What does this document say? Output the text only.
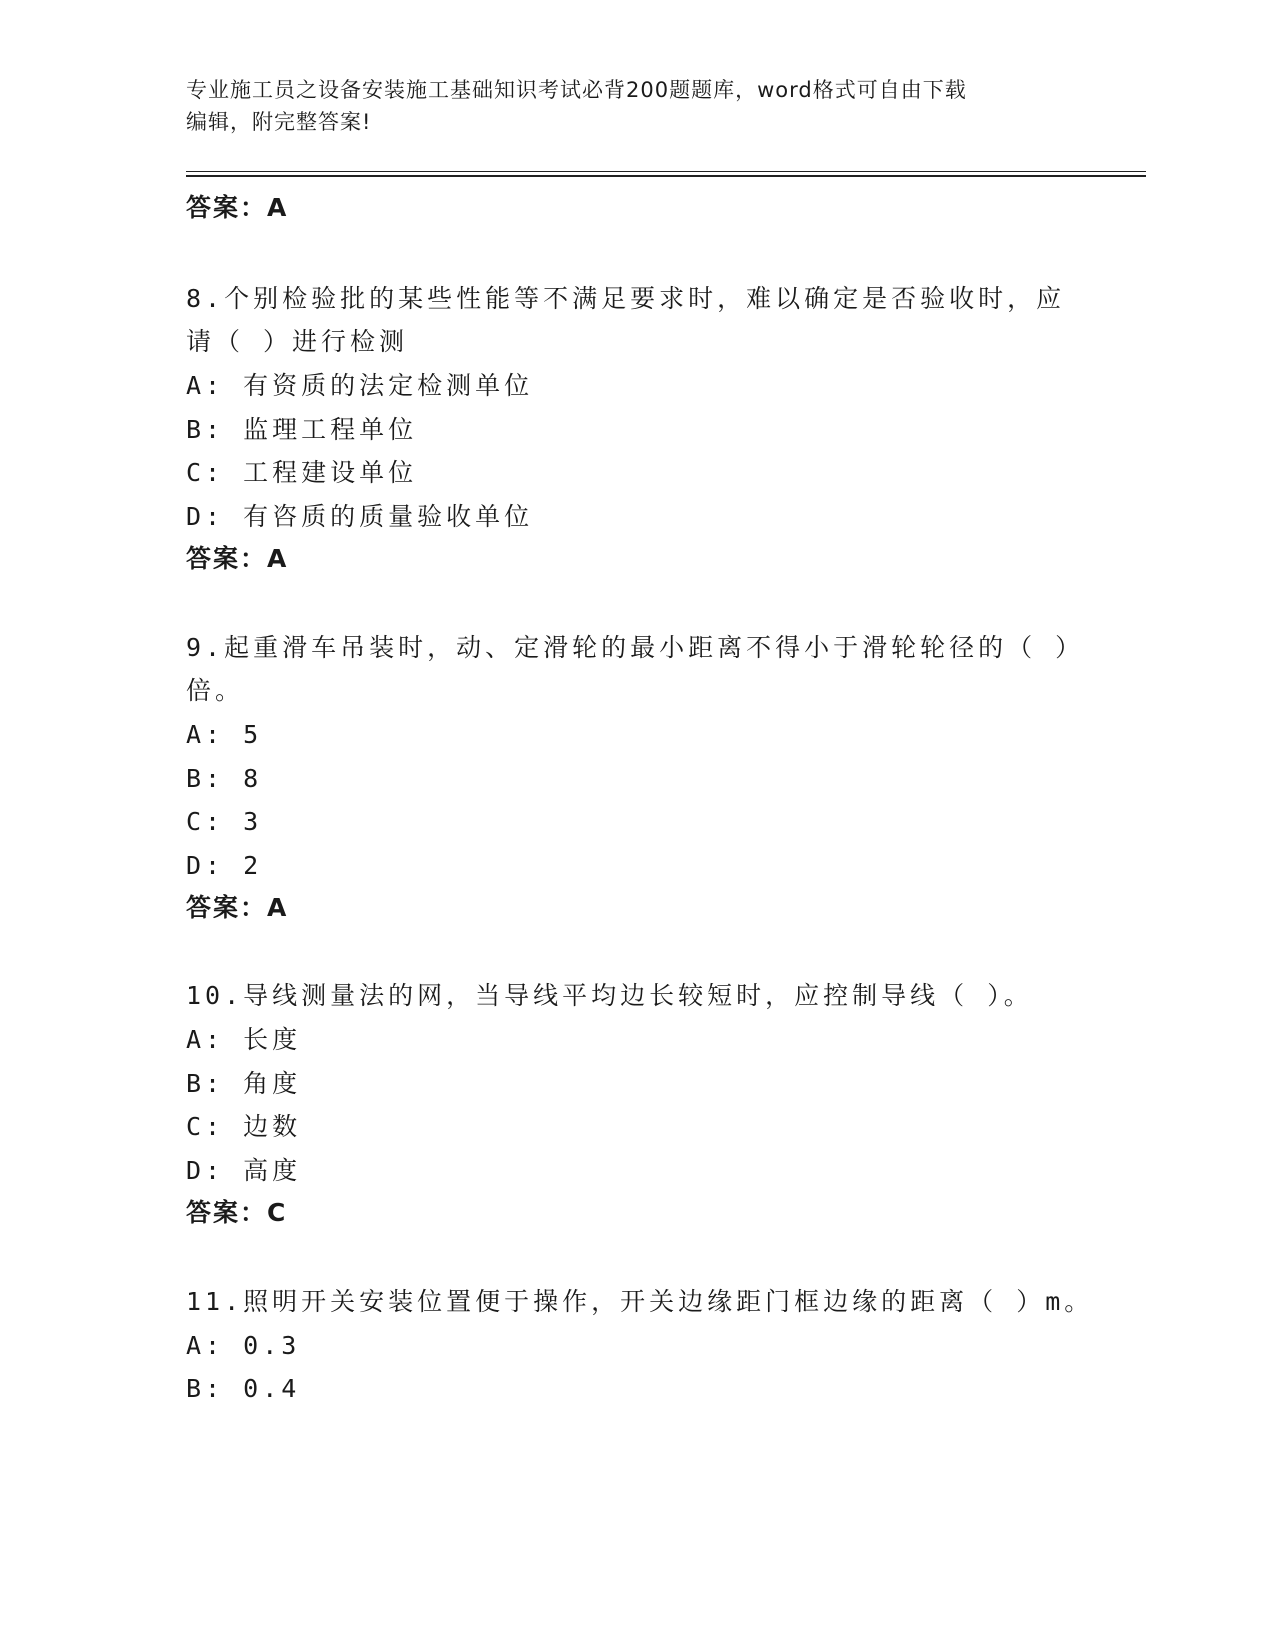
专业施工员之设备安装施工基础知识考试必背200题题库，word格式可自由下载
编辑，附完整答案!
答案：A
8.个别检验批的某些性能等不满足要求时，难以确定是否验收时，应
请（ ）进行检测
A: 有资质的法定检测单位
B: 监理工程单位
C: 工程建设单位
D: 有咨质的质量验收单位
答案：A
9.起重滑车吊装时，动、定滑轮的最小距离不得小于滑轮轮径的（ ）
倍。
A: 5
B: 8
C: 3
D: 2
答案：A
10.导线测量法的网，当导线平均边长较短时，应控制导线（ ）。
A: 长度
B: 角度
C: 边数
D: 高度
答案：C
11.照明开关安装位置便于操作，开关边缘距门框边缘的距离（ ）m。
A: 0.3
B: 0.4
